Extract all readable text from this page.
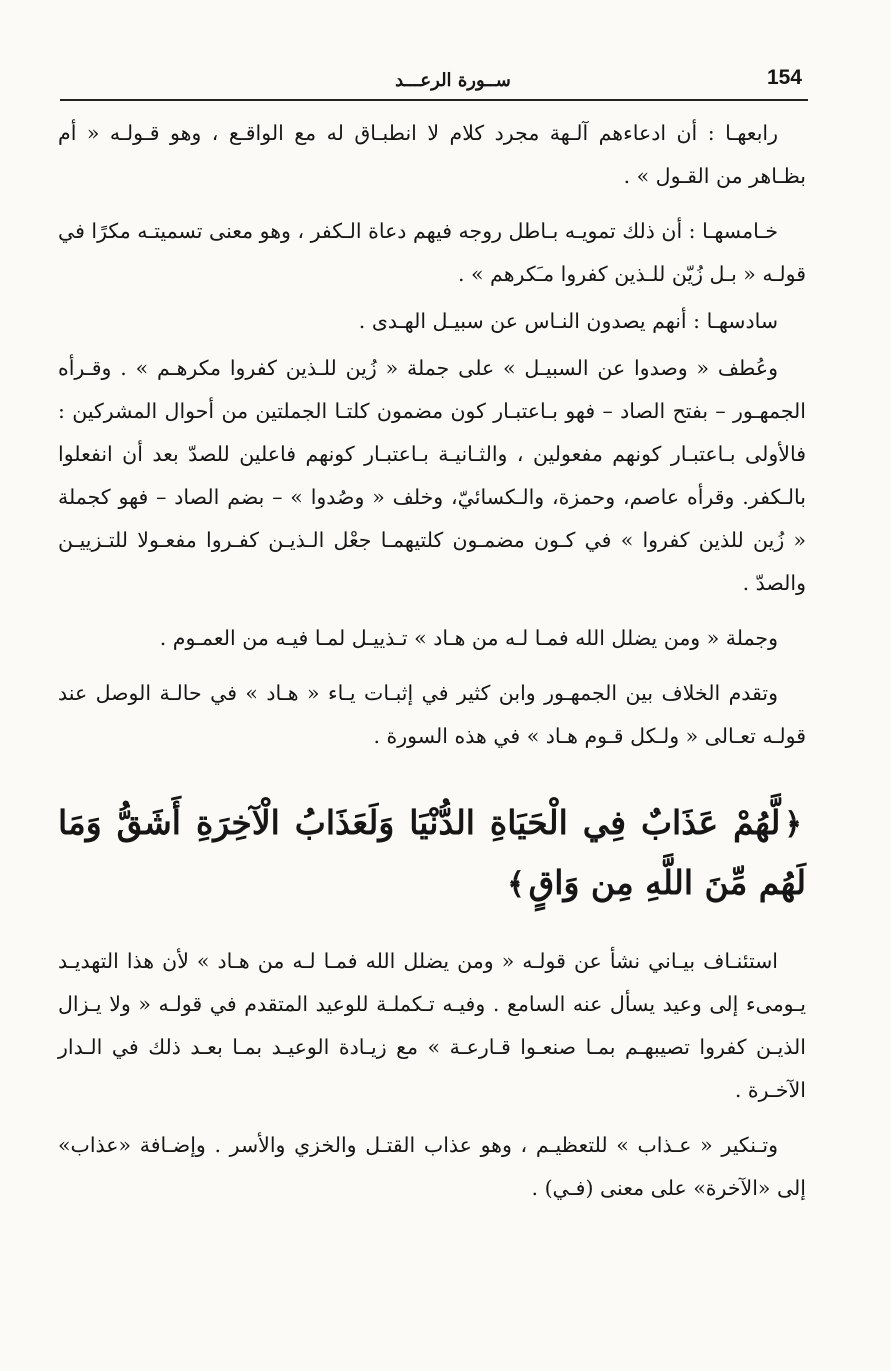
154
ســورة الرعـــد

رابعهـا : أن ادعاءهم آلـهة مجرد كلام لا انطبـاق له مع الواقـع ، وهو قـولـه « أم بظـاهر من القـول » .

خـامسهـا : أن ذلك تمويـه بـاطل روجه فيهم دعاة الـكفر ، وهو معنى تسميتـه مكرًا في قولـه « بـل زُيّن للـذين كفروا مـَكرهم » .

سادسهـا : أنهم يصدون النـاس عن سبيـل الهـدى .

وعُطف « وصدوا عن السبيـل » على جملة « زُين للـذين كفروا مكرهـم » . وقـرأه الجمهـور – بفتح الصاد – فهو بـاعتبـار كون مضمون كلتـا الجملتين من أحوال المشركين : فالأولى بـاعتبـار كونهم مفعولين ، والثـانيـة بـاعتبـار كونهم فاعلين للصدّ بعد أن انفعلوا بالـكفر. وقرأه عاصم، وحمزة، والـكسائيّ، وخلف « وصُدوا » – بضم الصاد – فهو كجملة « زُين للذين كفروا » في كـون مضمـون كلتيهمـا جعْل الـذيـن كفـروا مفعـولا للتـزييـن والصدّ .

وجملة « ومن يضلل الله فمـا لـه من هـاد » تـذييـل لمـا فيـه من العمـوم .

وتقدم الخلاف بين الجمهـور وابن كثير في إثبـات يـاء « هـاد » في حالـة الوصل عند قولـه تعـالى « ولـكل قـوم هـاد » في هذه السورة .

﴿لَّهُمْ عَذَابٌ فِي الْحَيَاةِ الدُّنْيَا وَلَعَذَابُ الْآخِرَةِ أَشَقُّ وَمَا لَهُم مِّنَ اللَّهِ مِن وَاقٍ﴾

استئنـاف بيـاني نشأ عن قولـه « ومن يضلل الله فمـا لـه من هـاد » لأن هذا التهديـد يـومىء إلى وعيد يسأل عنه السامع . وفيـه تـكملـة للوعيد المتقدم في قولـه « ولا يـزال الذيـن كفروا تصيبهـم بمـا صنعـوا قـارعـة » مع زيـادة الوعيـد بمـا بعـد ذلك في الـدار الآخـرة .

وتـنكير « عـذاب » للتعظيـم ، وهو عذاب القتـل والخزي والأسر . وإضـافة «عذاب» إلى «الآخرة» على معنى (فـي) .
